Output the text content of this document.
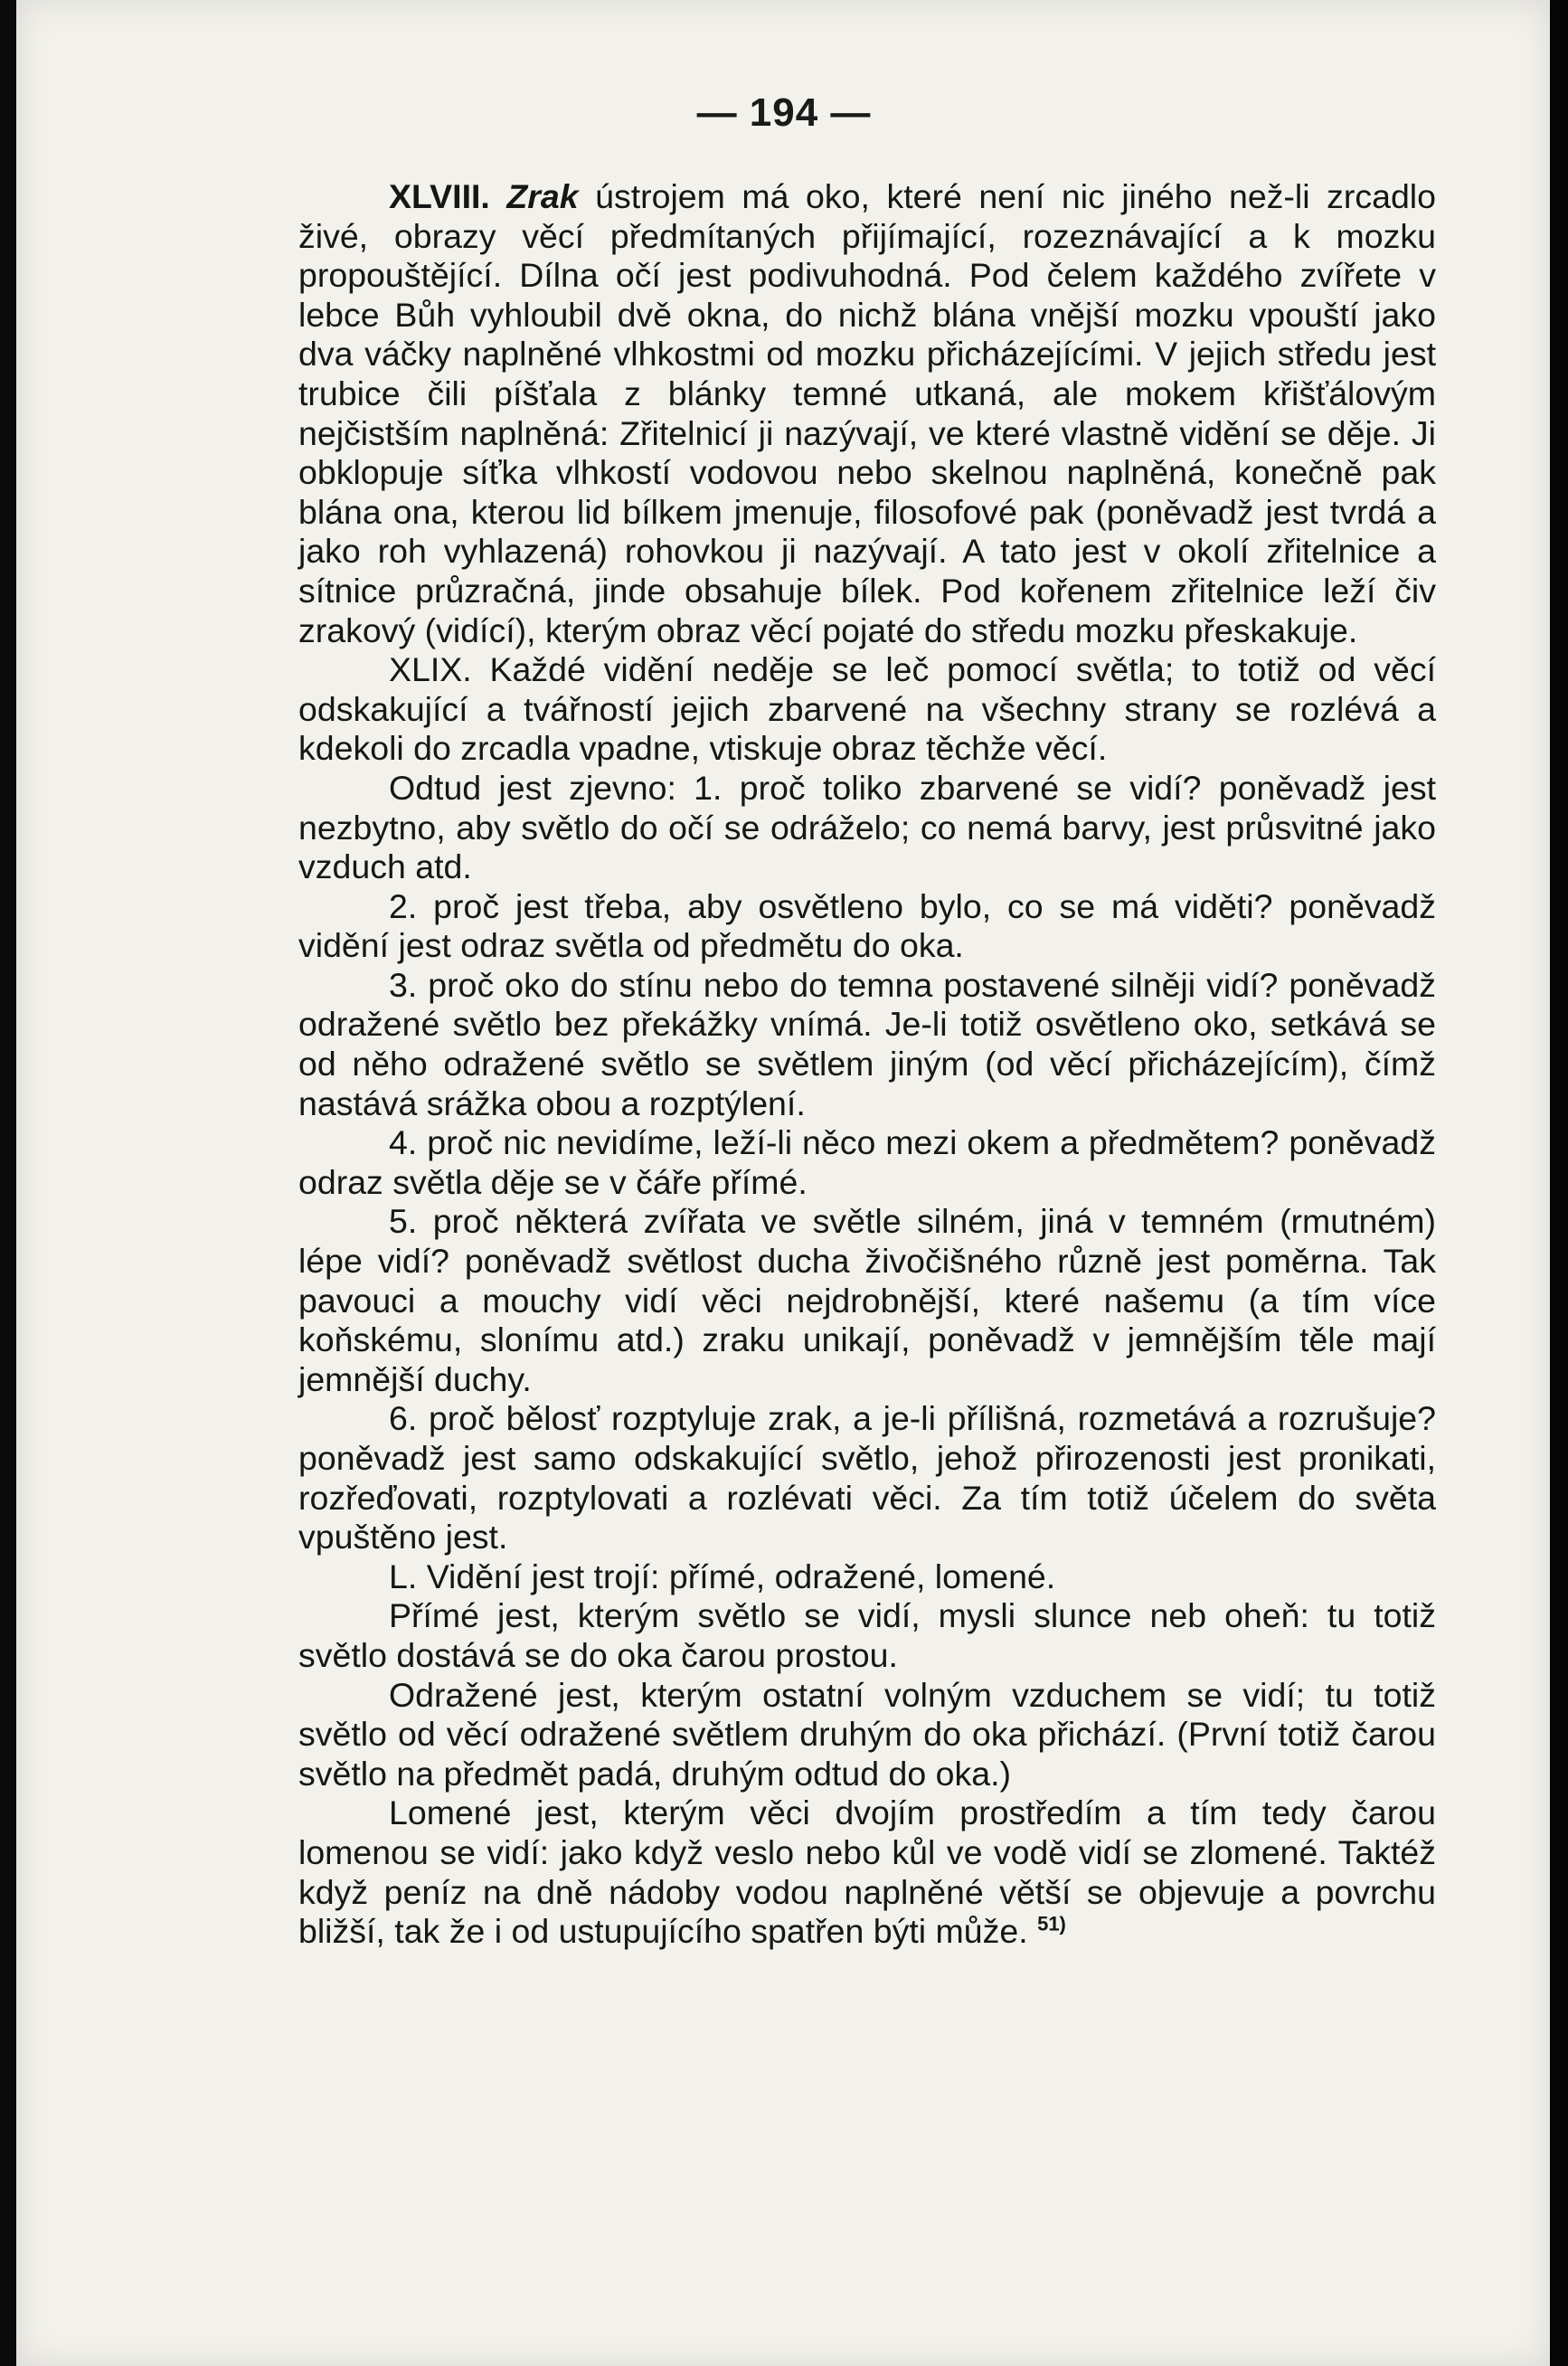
— 194 —

XLVIII. Zrak ústrojem má oko, které není nic jiného než-li zrcadlo živé, obrazy věcí předmítaných přijímající, rozeznávající a k mozku propouštějící. Dílna očí jest podivuhodná. Pod čelem každého zvířete v lebce Bůh vyhloubil dvě okna, do nichž blána vnější mozku vpouští jako dva váčky naplněné vlhkostmi od mozku přicházejícími. V jejich středu jest trubice čili píšťala z blánky temné utkaná, ale mokem křišťálovým nejčistším naplněná: Zřitelnicí ji nazývají, ve které vlastně vidění se děje. Ji obklopuje síťka vlhkostí vodovou nebo skelnou naplněná, konečně pak blána ona, kterou lid bílkem jmenuje, filosofové pak (poněvadž jest tvrdá a jako roh vyhlazená) rohovkou ji nazývají. A tato jest v okolí zřitelnice a sítnice průzračná, jinde obsahuje bílek. Pod kořenem zřitelnice leží čiv zrakový (vidící), kterým obraz věcí pojaté do středu mozku přeskakuje.

XLIX. Každé vidění neděje se leč pomocí světla; to totiž od věcí odskakující a tvářností jejich zbarvené na všechny strany se rozlévá a kdekoli do zrcadla vpadne, vtiskuje obraz těchže věcí.

Odtud jest zjevno: 1. proč toliko zbarvené se vidí? poněvadž jest nezbytno, aby světlo do očí se odráželo; co nemá barvy, jest průsvitné jako vzduch atd.

2. proč jest třeba, aby osvětleno bylo, co se má viděti? poněvadž vidění jest odraz světla od předmětu do oka.

3. proč oko do stínu nebo do temna postavené silněji vidí? poněvadž odražené světlo bez překážky vnímá. Je-li totiž osvětleno oko, setkává se od něho odražené světlo se světlem jiným (od věcí přicházejícím), čímž nastává srážka obou a rozptýlení.

4. proč nic nevidíme, leží-li něco mezi okem a předmětem? poněvadž odraz světla děje se v čáře přímé.

5. proč některá zvířata ve světle silném, jiná v temném (rmutném) lépe vidí? poněvadž světlost ducha živočišného různě jest poměrna. Tak pavouci a mouchy vidí věci nejdrobnější, které našemu (a tím více koňskému, slonímu atd.) zraku unikají, poněvadž v jemnějším těle mají jemnější duchy.

6. proč bělosť rozptyluje zrak, a je-li přílišná, rozmetává a rozrušuje? poněvadž jest samo odskakující světlo, jehož přirozenosti jest pronikati, rozřeďovati, rozptylovati a rozlévati věci. Za tím totiž účelem do světa vpuštěno jest.

L. Vidění jest trojí: přímé, odražené, lomené.

Přímé jest, kterým světlo se vidí, mysli slunce neb oheň: tu totiž světlo dostává se do oka čarou prostou.

Odražené jest, kterým ostatní volným vzduchem se vidí; tu totiž světlo od věcí odražené světlem druhým do oka přichází. (První totiž čarou světlo na předmět padá, druhým odtud do oka.)

Lomené jest, kterým věci dvojím prostředím a tím tedy čarou lomenou se vidí: jako když veslo nebo kůl ve vodě vidí se zlomené. Taktéž když peníz na dně nádoby vodou naplněné větší se objevuje a povrchu bližší, tak že i od ustupujícího spatřen býti může. $^{51)}$
